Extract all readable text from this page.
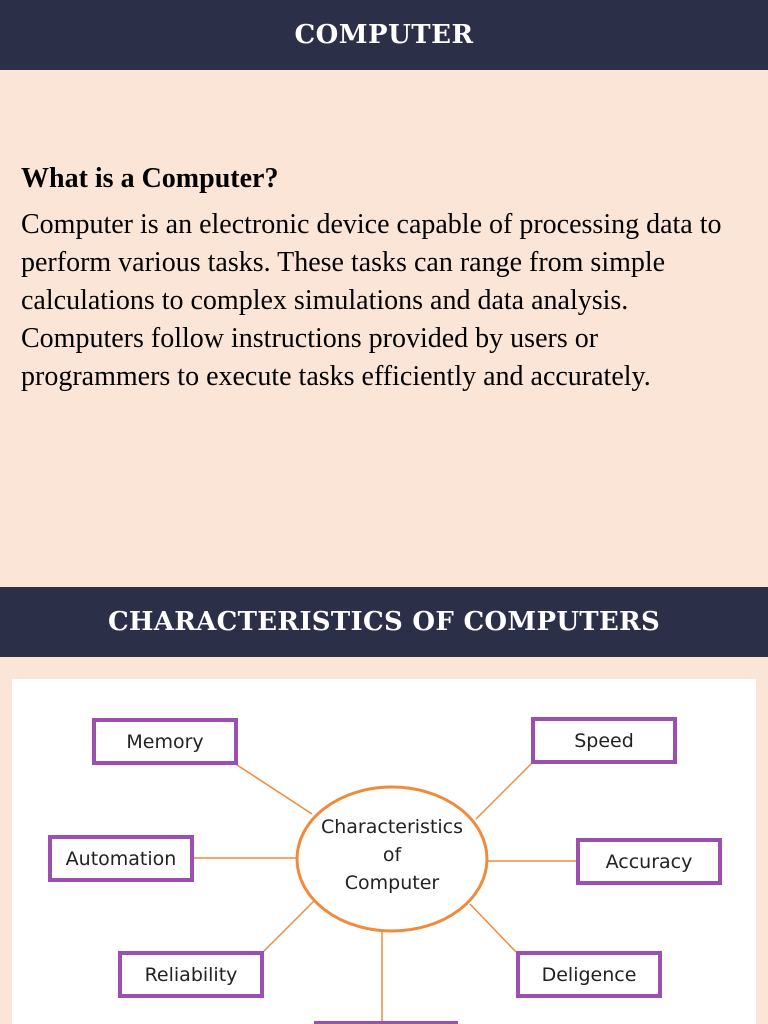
COMPUTER
What is a Computer?
Computer is an electronic device capable of processing data to perform various tasks. These tasks can range from simple calculations to complex simulations and data analysis. Computers follow instructions provided by users or programmers to execute tasks efficiently and accurately.
CHARACTERISTICS OF COMPUTERS
Characteristics
of
Computer
Memory	Speed
Automation	Accuracy
Reliability	Deligence
